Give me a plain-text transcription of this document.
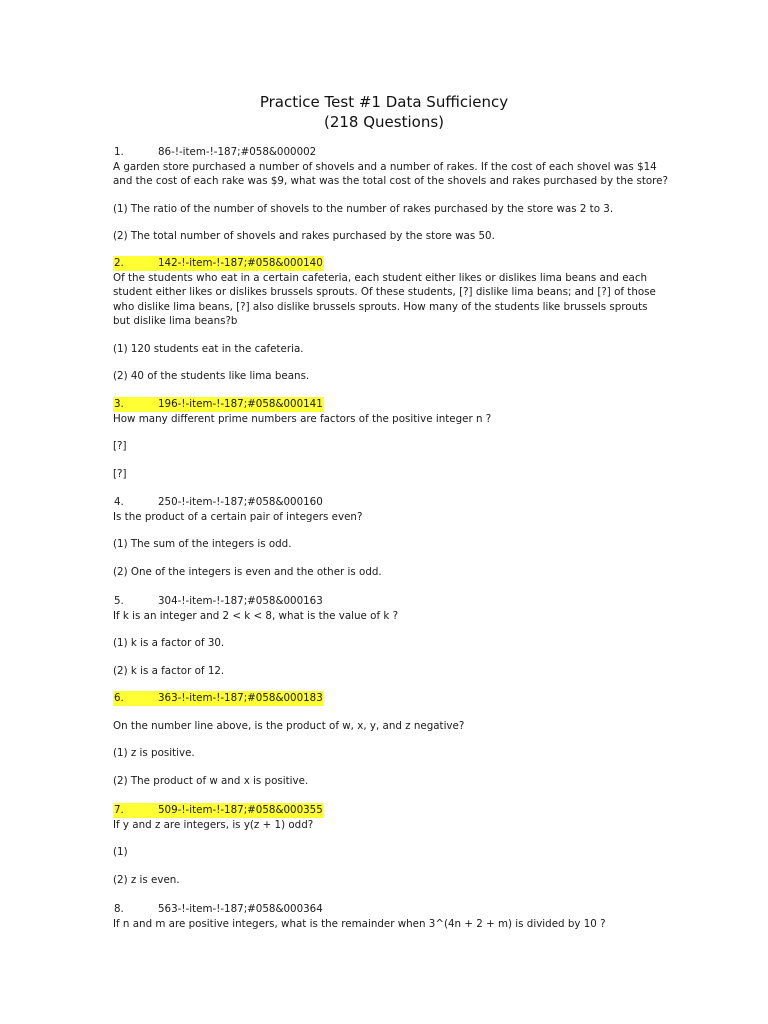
Practice Test #1 Data Sufficiency
(218 Questions)
1.	86-!-item-!-187;#058&000002
A garden store purchased a number of shovels and a number of rakes. If the cost of each shovel was $14
and the cost of each rake was $9, what was the total cost of the shovels and rakes purchased by the store?
(1) The ratio of the number of shovels to the number of rakes purchased by the store was 2 to 3.
(2) The total number of shovels and rakes purchased by the store was 50.
2.	142-!-item-!-187;#058&000140
Of the students who eat in a certain cafeteria, each student either likes or dislikes lima beans and each
student either likes or dislikes brussels sprouts. Of these students, [?] dislike lima beans; and [?] of those
who dislike lima beans, [?] also dislike brussels sprouts. How many of the students like brussels sprouts
but dislike lima beans?b
(1) 120 students eat in the cafeteria.
(2) 40 of the students like lima beans.
3.	196-!-item-!-187;#058&000141
How many different prime numbers are factors of the positive integer n ?
[?]
[?]
4.	250-!-item-!-187;#058&000160
Is the product of a certain pair of integers even?
(1) The sum of the integers is odd.
(2) One of the integers is even and the other is odd.
5.	304-!-item-!-187;#058&000163
If k is an integer and 2 < k < 8, what is the value of k ?
(1) k is a factor of 30.
(2) k is a factor of 12.
6.	363-!-item-!-187;#058&000183
On the number line above, is the product of w, x, y, and z negative?
(1) z is positive.
(2) The product of w and x is positive.
7.	509-!-item-!-187;#058&000355
If y and z are integers, is y(z + 1) odd?
(1)
(2) z is even.
8.	563-!-item-!-187;#058&000364
If n and m are positive integers, what is the remainder when 3^(4n + 2 + m) is divided by 10 ?
